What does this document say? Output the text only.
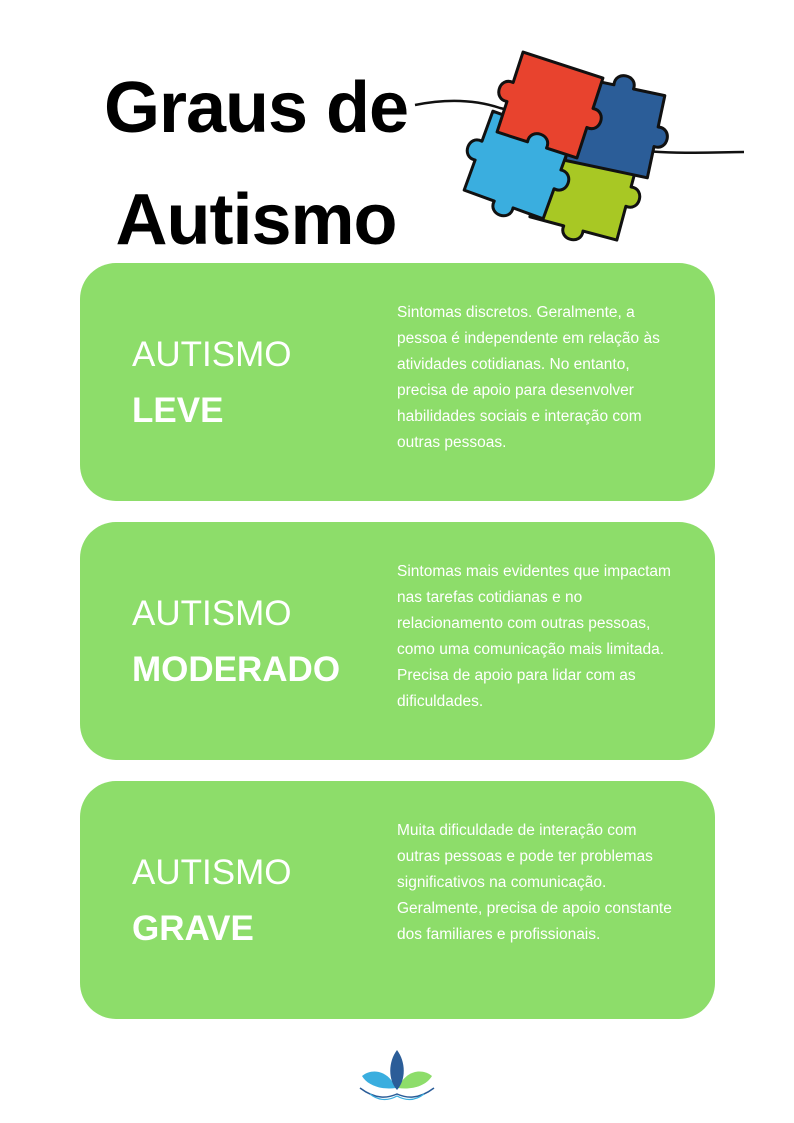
Graus de
Autismo
AUTISMO
LEVE

Sintomas discretos. Geralmente, a pessoa é independente em relação às atividades cotidianas. No entanto, precisa de apoio para desenvolver habilidades sociais e interação com outras pessoas.

AUTISMO
MODERADO

Sintomas mais evidentes que impactam nas tarefas cotidianas e no relacionamento com outras pessoas, como uma comunicação mais limitada. Precisa de apoio para lidar com as dificuldades.

AUTISMO
GRAVE

Muita dificuldade de interação com outras pessoas e pode ter problemas significativos na comunicação. Geralmente, precisa de apoio constante dos familiares e profissionais.
